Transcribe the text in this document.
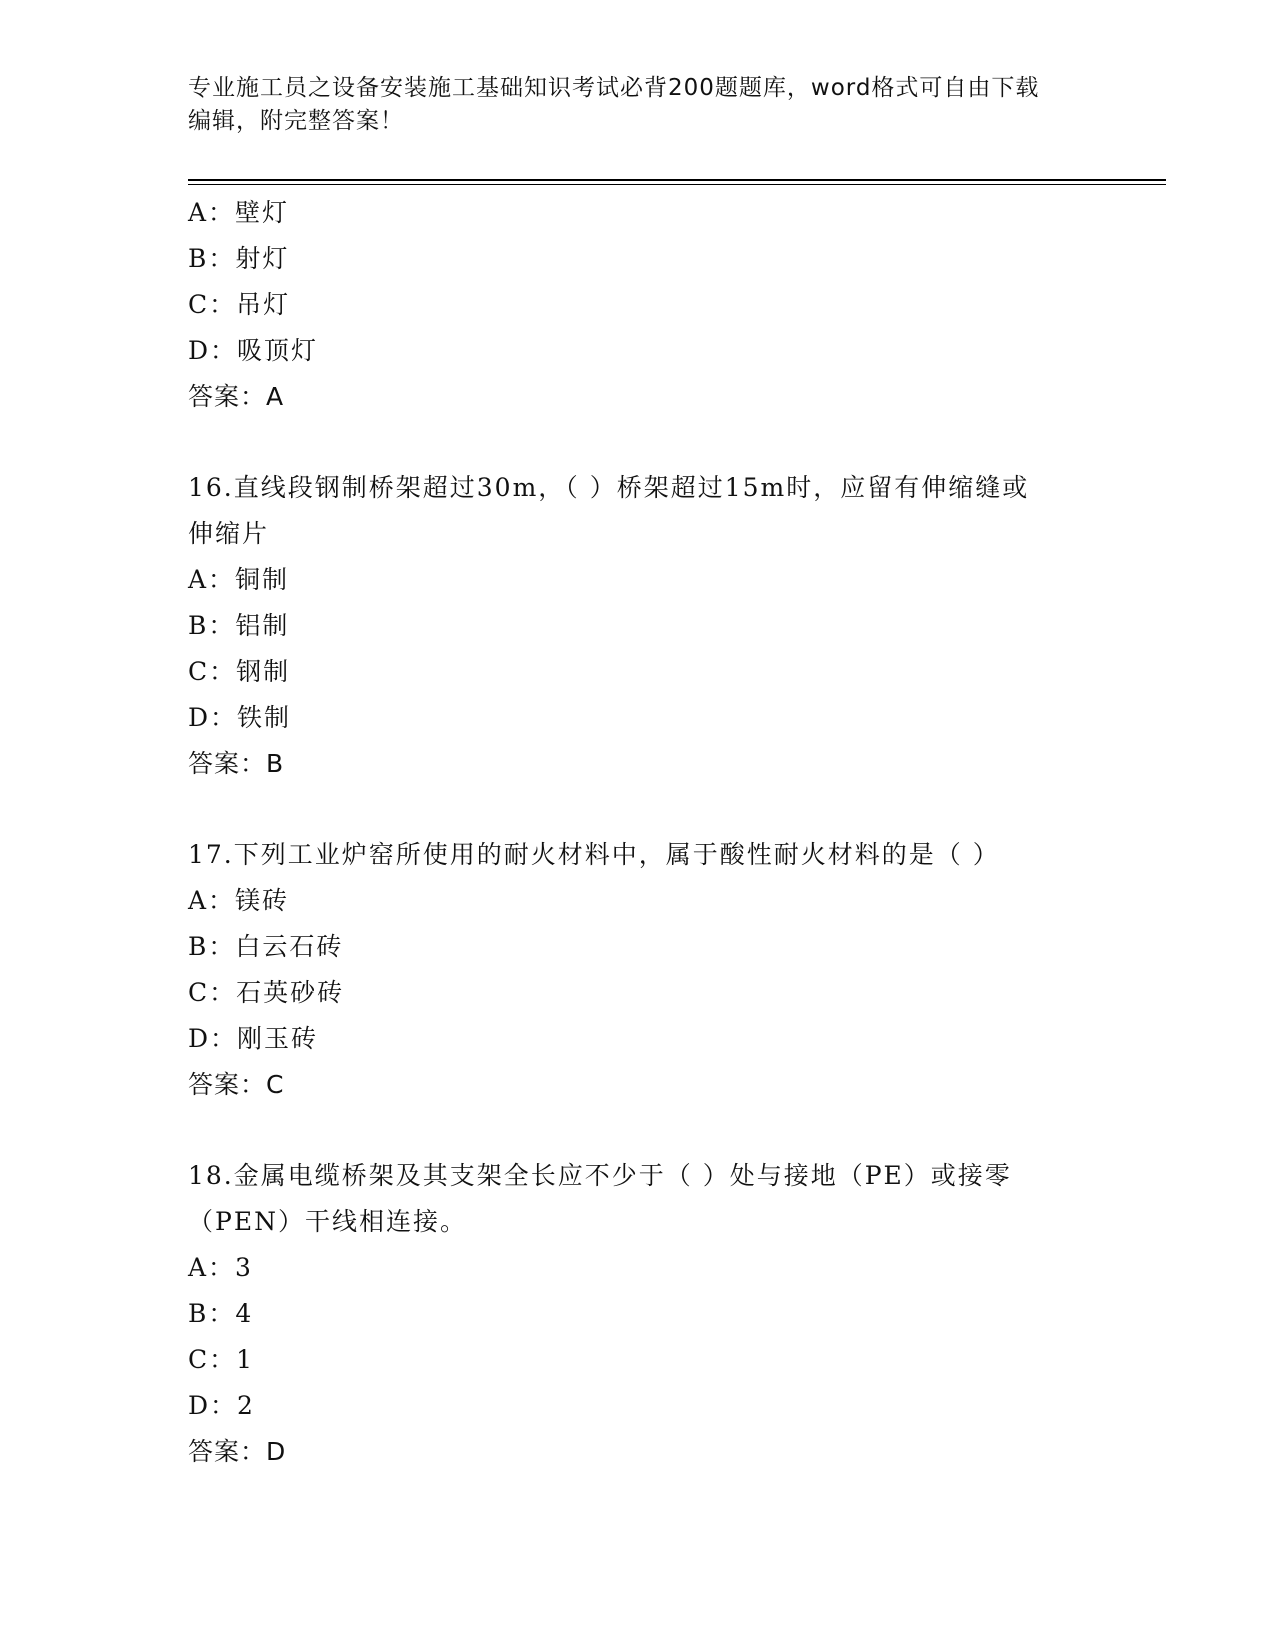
专业施工员之设备安装施工基础知识考试必背200题题库，word格式可自由下载
编辑，附完整答案！
A：壁灯
B：射灯
C：吊灯
D：吸顶灯
答案：A
16.直线段钢制桥架超过30m，（ ）桥架超过15m时，应留有伸缩缝或
伸缩片
A：铜制
B：铝制
C：钢制
D：铁制
答案：B
17.下列工业炉窑所使用的耐火材料中，属于酸性耐火材料的是（ ）
A：镁砖
B：白云石砖
C：石英砂砖
D：刚玉砖
答案：C
18.金属电缆桥架及其支架全长应不少于（ ）处与接地（PE）或接零
（PEN）干线相连接。
A：3
B：4
C：1
D：2
答案：D
